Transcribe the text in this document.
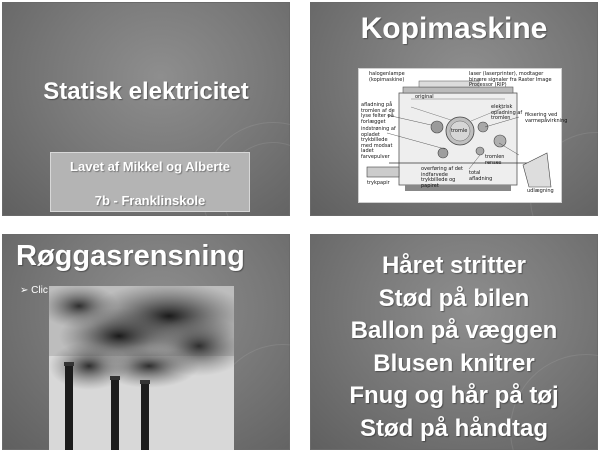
Statisk elektricitet
Lavet af Mikkel og Alberte
7b - Franklinskole
Kopimaskine
halogenlampe (kopimaskine)
laser (laserprinter), modtager binære signaler fra Raster Image Processor (RIP)
original
afladning på tromlen af de lyse felter på forlægget
tromle
elektrisk opladning af tromlen
indstrøning af opladet trykbillede med modsat ladet farvepulver
fiksering ved varmepåvirkning
overføring af det indfarvede trykbillede og papiret
tromlen renses
total afladning
trykpapir
udlægning
Røggasrensning
➢ Clic
Håret stritter
Stød på bilen
Ballon på væggen
Blusen knitrer
Fnug og hår på tøj
Stød på håndtag
